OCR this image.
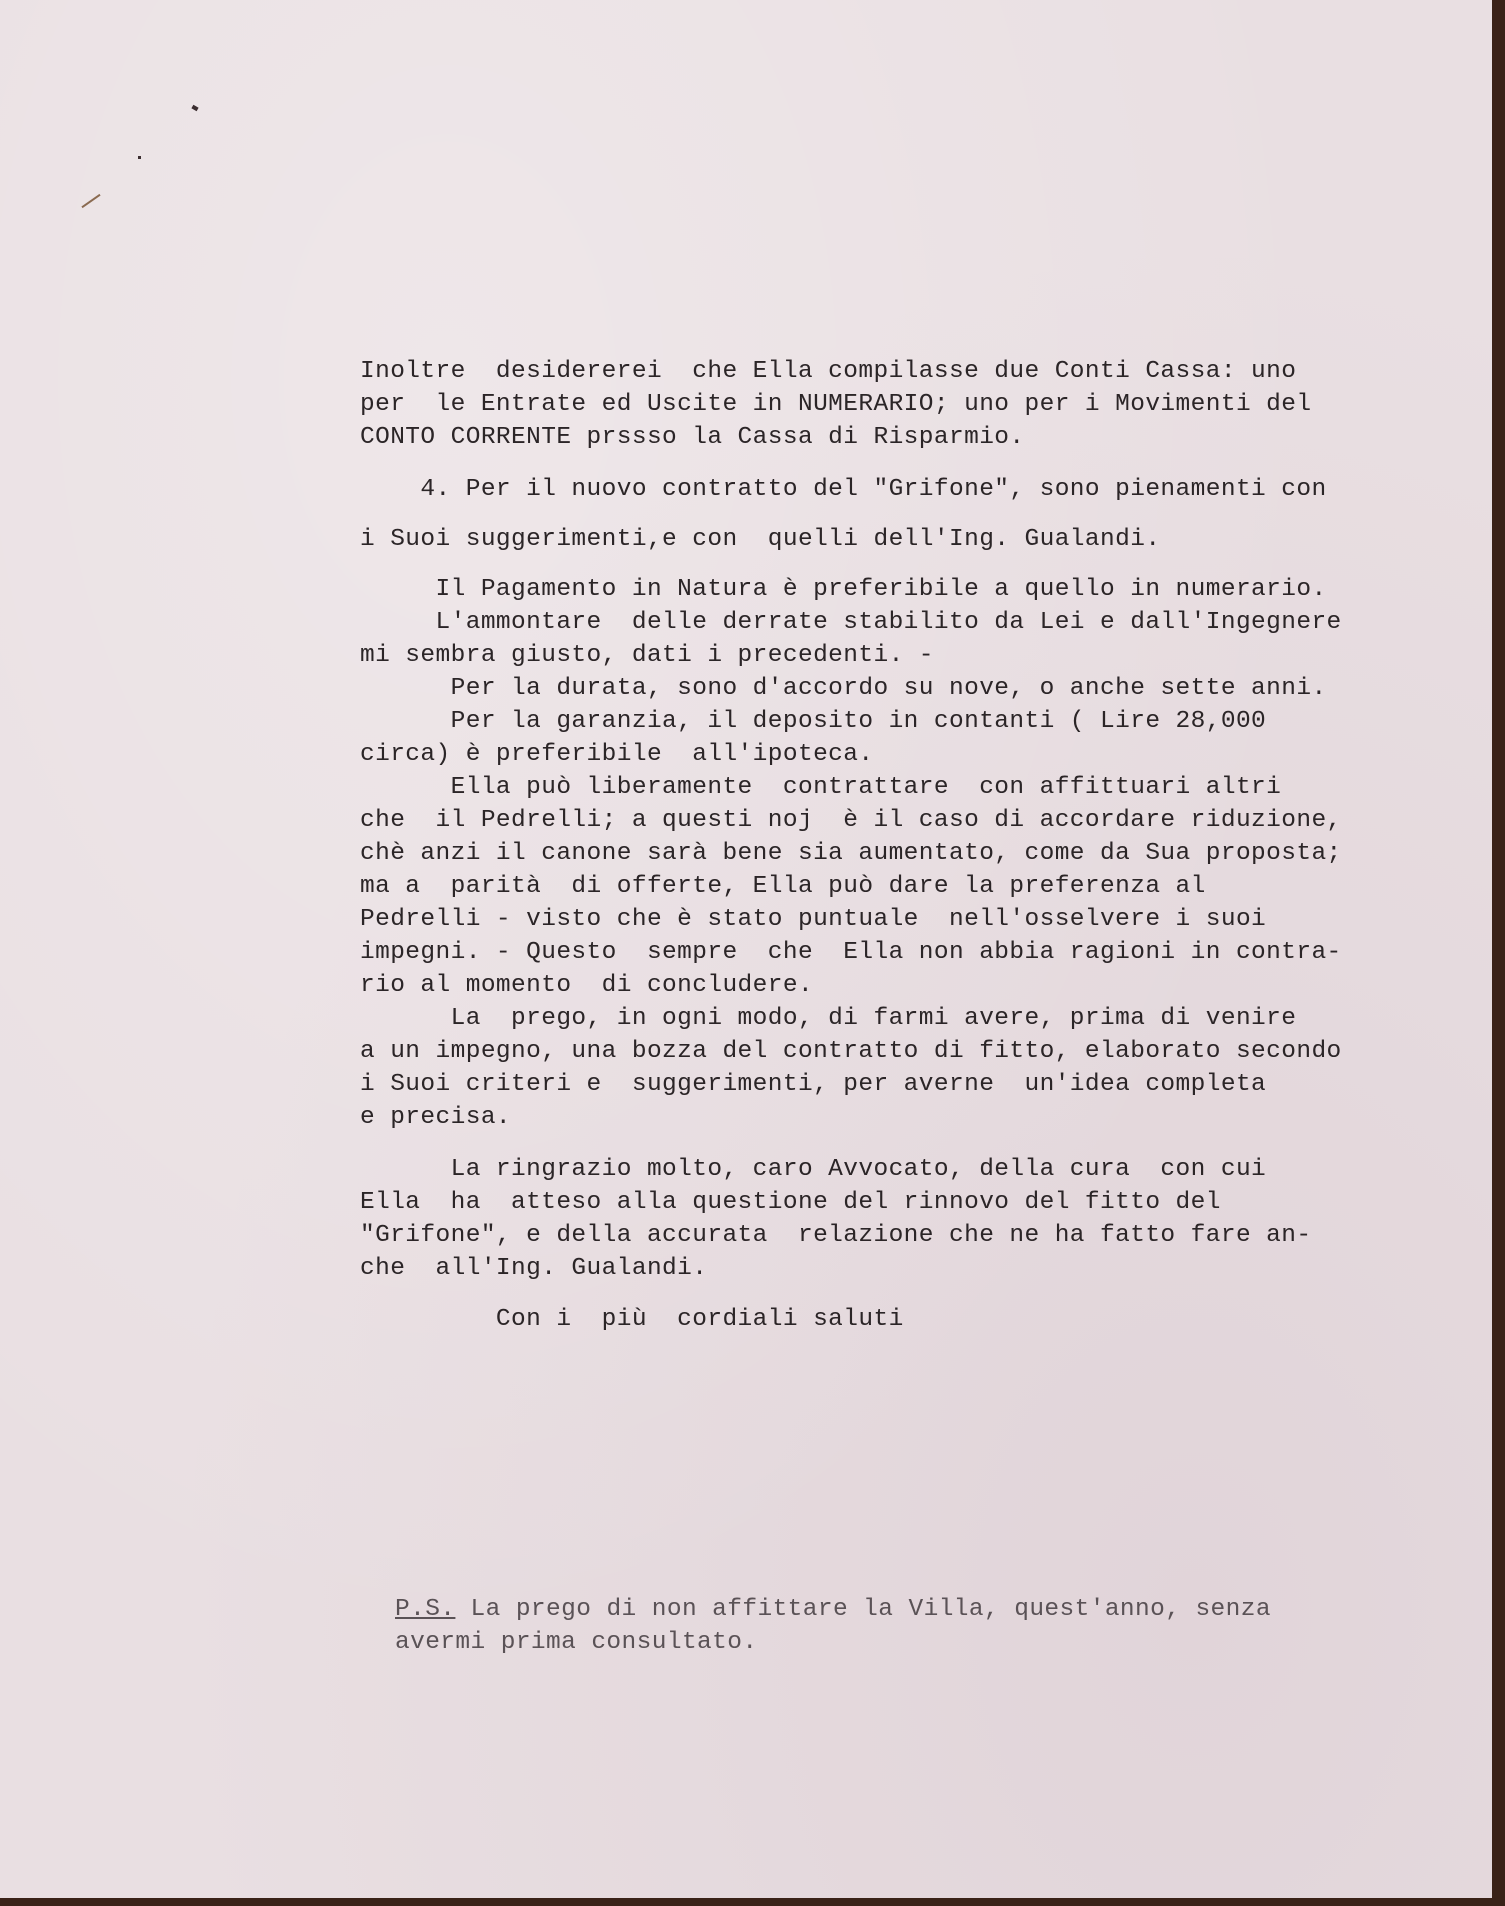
Inoltre  desidererei  che Ella compilasse due Conti Cassa: uno
per  le Entrate ed Uscite in NUMERARIO; uno per i Movimenti del
CONTO CORRENTE prssso la Cassa di Risparmio.
4. Per il nuovo contratto del "Grifone", sono pienamenti con
i Suoi suggerimenti,e con  quelli dell'Ing. Gualandi.
Il Pagamento in Natura è preferibile a quello in numerario.
L'ammontare  delle derrate stabilito da Lei e dall'Ingegnere
mi sembra giusto, dati i precedenti. -
Per la durata, sono d'accordo su nove, o anche sette anni.
Per la garanzia, il deposito in contanti ( Lire 28,000
circa) è preferibile  all'ipoteca.
Ella può liberamente  contrattare  con affittuari altri
che  il Pedrelli; a questi noj  è il caso di accordare riduzione,
chè anzi il canone sarà bene sia aumentato, come da Sua proposta;
ma a  parità  di offerte, Ella può dare la preferenza al
Pedrelli - visto che è stato puntuale  nell'osselvere i suoi
impegni. - Questo  sempre  che  Ella non abbia ragioni in contra-
rio al momento  di concludere.
La  prego, in ogni modo, di farmi avere, prima di venire
a un impegno, una bozza del contratto di fitto, elaborato secondo
i Suoi criteri e  suggerimenti, per averne  un'idea completa
e precisa.
La ringrazio molto, caro Avvocato, della cura  con cui
Ella  ha  atteso alla questione del rinnovo del fitto del
"Grifone", e della accurata  relazione che ne ha fatto fare an-
che  all'Ing. Gualandi.
Con i  più  cordiali saluti
P.S. La prego di non affittare la Villa, quest'anno, senza
avermi prima consultato.
